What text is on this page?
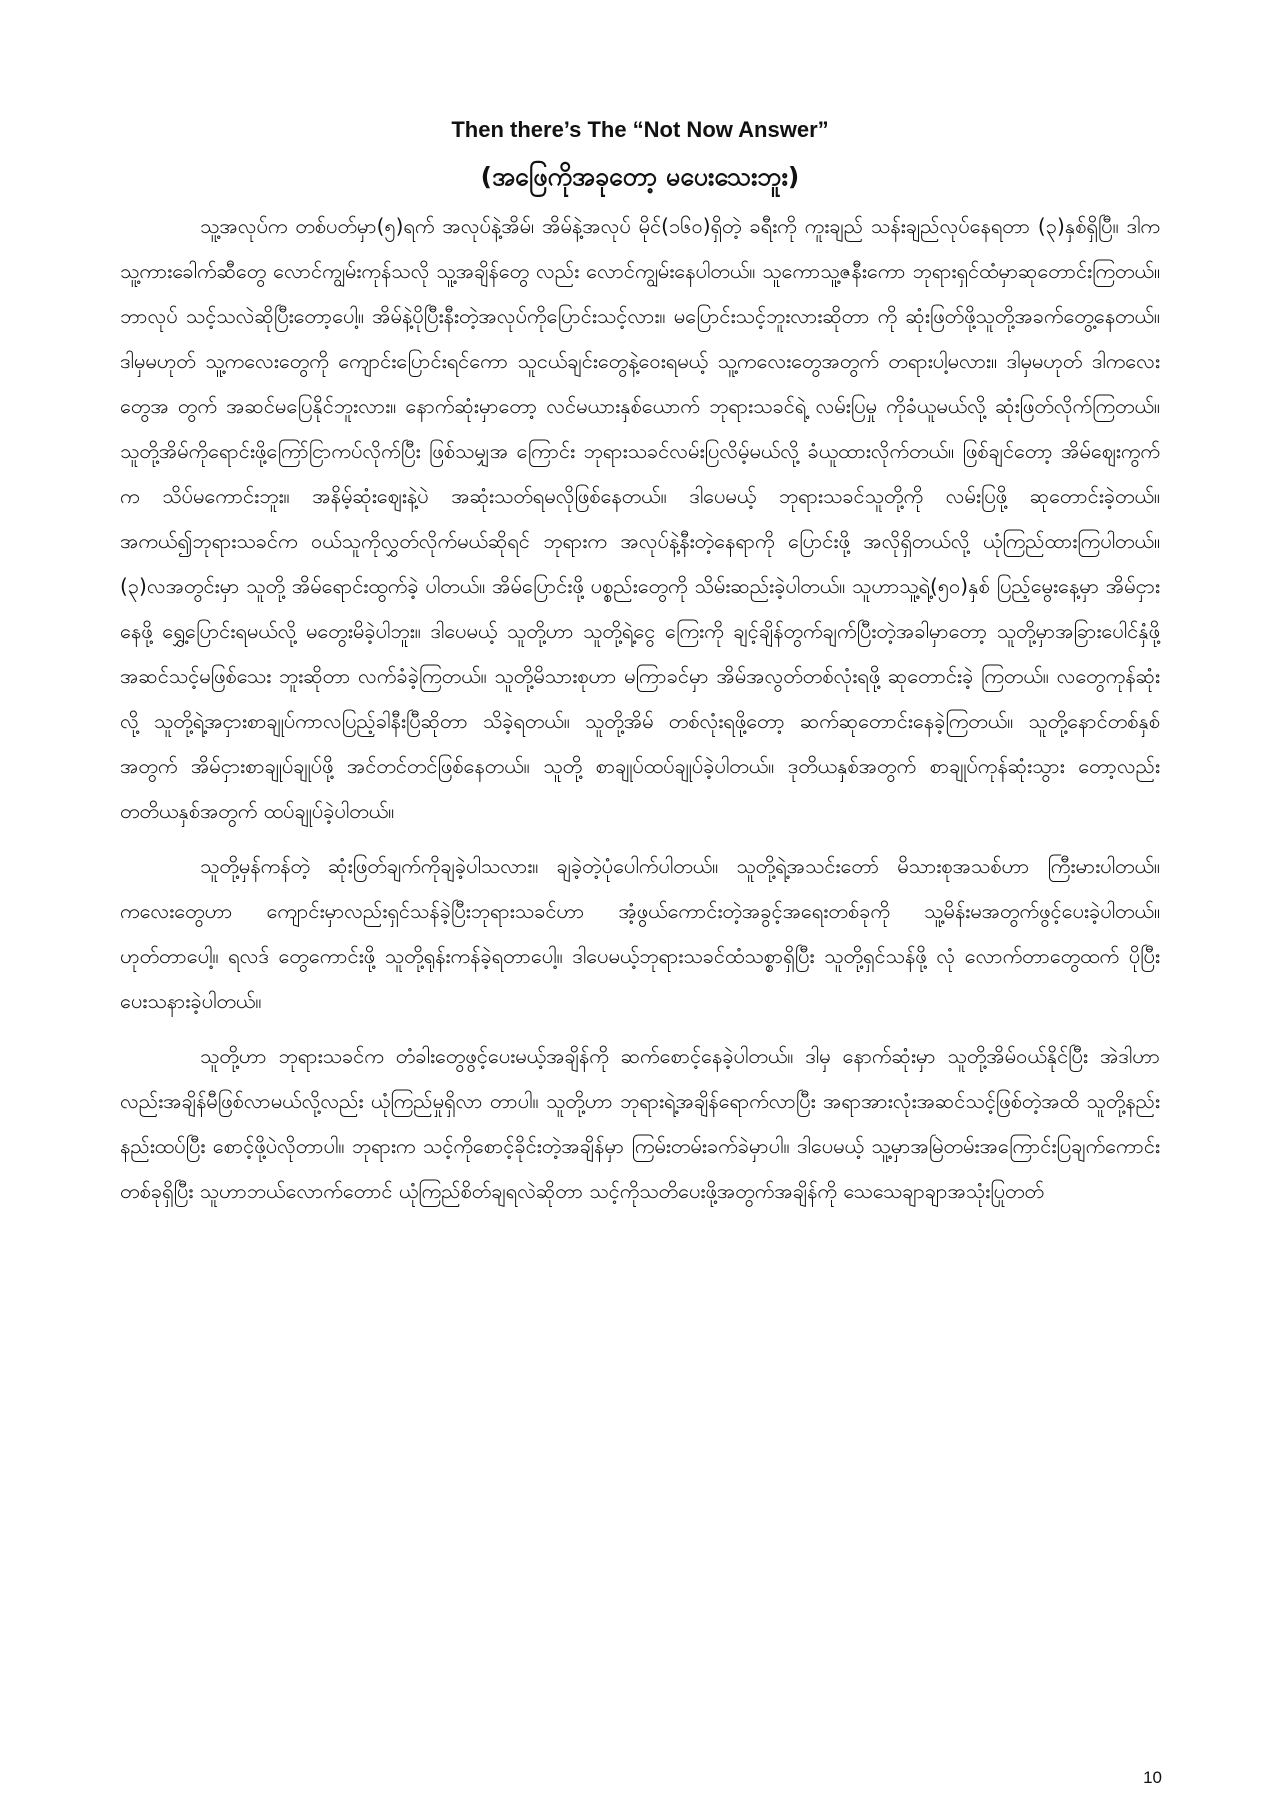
Then there’s The “Not Now Answer”
(အဖြေကိုအခုတော့ မပေးသေးဘူး)

သူ့အလုပ်က တစ်ပတ်မှာ(၅)ရက် အလုပ်နဲ့အိမ်၊ အိမ်နဲ့အလုပ် မိုင်(၁၆၀)ရှိတဲ့ ခရီးကို ကူးချည် သန်းချည်လုပ်နေရတာ (၃)နှစ်ရှိပြီ။ ဒါကသူ့ကားခေါက်ဆီတွေ လောင်ကျွမ်းကုန်သလို သူ့အချိန်တွေ လည်း လောင်ကျွမ်းနေပါတယ်။ သူကောသူ့ဇနီးကော ဘုရားရှင်ထံမှာဆုတောင်းကြတယ်။ ဘာလုပ် သင့်သလဲဆိုပြီးတော့ပေါ့။ အိမ်နဲ့ပိုပြီးနီးတဲ့အလုပ်ကိုပြောင်းသင့်လား။ မပြောင်းသင့်ဘူးလားဆိုတာ ကို ဆုံးဖြတ်ဖို့သူတို့အခက်တွေ့နေတယ်။ ဒါမှမဟုတ် သူ့ကလေးတွေကို ကျောင်းပြောင်းရင်ကော သူငယ်ချင်းတွေနဲ့ဝေးရမယ့် သူ့ကလေးတွေအတွက် တရားပါ့မလား။ ဒါမှမဟုတ် ဒါကလေးတွေအ တွက် အဆင်မပြေနိုင်ဘူးလား။ နောက်ဆုံးမှာတော့ လင်မယားနှစ်ယောက် ဘုရားသခင်ရဲ့ လမ်းပြမှု ကိုခံယူမယ်လို့ ဆုံးဖြတ်လိုက်ကြတယ်။ သူတို့အိမ်ကိုရောင်းဖို့ကြော်ငြာကပ်လိုက်ပြီး ဖြစ်သမျှအ ကြောင်း ဘုရားသခင်လမ်းပြလိမ့်မယ်လို့ ခံယူထားလိုက်တယ်။ ဖြစ်ချင်တော့ အိမ်ဈေးကွက်က သိပ်မကောင်းဘူး။ အနိမ့်ဆုံးဈေးနဲ့ပဲ အဆုံးသတ်ရမလိုဖြစ်နေတယ်။ ဒါပေမယ့် ဘုရားသခင်သူတို့ကို လမ်းပြဖို့ ဆုတောင်းခဲ့တယ်။ အကယ်၍ဘုရားသခင်က ဝယ်သူကိုလွှတ်လိုက်မယ်ဆိုရင် ဘုရားက အလုပ်နဲ့နီးတဲ့နေရာကို ပြောင်းဖို့ အလိုရှိတယ်လို့ ယုံကြည်ထားကြပါတယ်။ (၃)လအတွင်းမှာ သူတို့ အိမ်ရောင်းထွက်ခဲ့ ပါတယ်။ အိမ်ပြောင်းဖို့ ပစ္စည်းတွေကို သိမ်းဆည်းခဲ့ပါတယ်။ သူဟာသူ့ရဲ့(၅၀)နှစ် ပြည့်မွေးနေ့မှာ အိမ်ငှားနေဖို့ ရွှေ့ပြောင်းရမယ်လို့ မတွေးမိခဲ့ပါဘူး။ ဒါပေမယ့် သူတို့ဟာ သူတို့ရဲ့ငွေ ကြေးကို ချင့်ချိန်တွက်ချက်ပြီးတဲ့အခါမှာတော့ သူတို့မှာအခြားပေါင်နှံဖို့ အဆင်သင့်မဖြစ်သေး ဘူးဆိုတာ လက်ခံခဲ့ကြတယ်။ သူတို့မိသားစုဟာ မကြာခင်မှာ အိမ်အလွတ်တစ်လုံးရဖို့ ဆုတောင်းခဲ့ ကြတယ်။ လတွေကုန်ဆုံးလို့ သူတို့ရဲ့အငှားစာချုပ်ကာလပြည့်ခါနီးပြီဆိုတာ သိခဲ့ရတယ်။ သူတို့အိမ် တစ်လုံးရဖို့တော့ ဆက်ဆုတောင်းနေခဲ့ကြတယ်။ သူတို့နောင်တစ်နှစ်အတွက် အိမ်ငှားစာချုပ်ချုပ်ဖို့ အင်တင်တင်ဖြစ်နေတယ်။ သူတို့ စာချုပ်ထပ်ချုပ်ခဲ့ပါတယ်။ ဒုတိယနှစ်အတွက် စာချုပ်ကုန်ဆုံးသွား တော့လည်း တတိယနှစ်အတွက် ထပ်ချုပ်ခဲ့ပါတယ်။

သူတို့မှန်ကန်တဲ့ ဆုံးဖြတ်ချက်ကိုချခဲ့ပါသလား။ ချခဲ့တဲ့ပုံပေါက်ပါတယ်။ သူတို့ရဲ့အသင်းတော် မိသားစုအသစ်ဟာ ကြီးမားပါတယ်။ ကလေးတွေဟာ ကျောင်းမှာလည်းရှင်သန်ခဲ့ပြီးဘုရားသခင်ဟာ အံ့ဖွယ်ကောင်းတဲ့အခွင့်အရေးတစ်ခုကို သူ့မိန်းမအတွက်ဖွင့်ပေးခဲ့ပါတယ်။ ဟုတ်တာပေါ့။ ရလဒ် တွေကောင်းဖို့ သူတို့ရုန်းကန်ခဲ့ရတာပေါ့။ ဒါပေမယ့်ဘုရားသခင်ထံသစ္စာရှိပြီး သူတို့ရှင်သန်ဖို့ လုံ လောက်တာတွေထက် ပိုပြီးပေးသနားခဲ့ပါတယ်။

သူတို့ဟာ ဘုရားသခင်က တံခါးတွေဖွင့်ပေးမယ့်အချိန်ကို ဆက်စောင့်နေခဲ့ပါတယ်။ ဒါမှ နောက်ဆုံးမှာ သူတို့အိမ်ဝယ်နိုင်ပြီး အဲဒါဟာလည်းအချိန်မီဖြစ်လာမယ်လို့လည်း ယုံကြည်မှုရှိလာ တာပါ။ သူတို့ဟာ ဘုရားရဲ့အချိန်ရောက်လာပြီး အရာအားလုံးအဆင်သင့်ဖြစ်တဲ့အထိ သူတို့နည်း နည်းထပ်ပြီး စောင့်ဖို့ပဲလိုတာပါ။ ဘုရားက သင့်ကိုစောင့်ခိုင်းတဲ့အချိန်မှာ ကြမ်းတမ်းခက်ခဲမှာပါ။ ဒါပေမယ့် သူ့မှာအမြဲတမ်းအကြောင်းပြချက်ကောင်းတစ်ခုရှိပြီး သူဟာဘယ်လောက်တောင် ယုံကြည်စိတ်ချရလဲဆိုတာ သင့်ကိုသတိပေးဖို့အတွက်အချိန်ကို သေသေချာချာအသုံးပြုတတ်

10
